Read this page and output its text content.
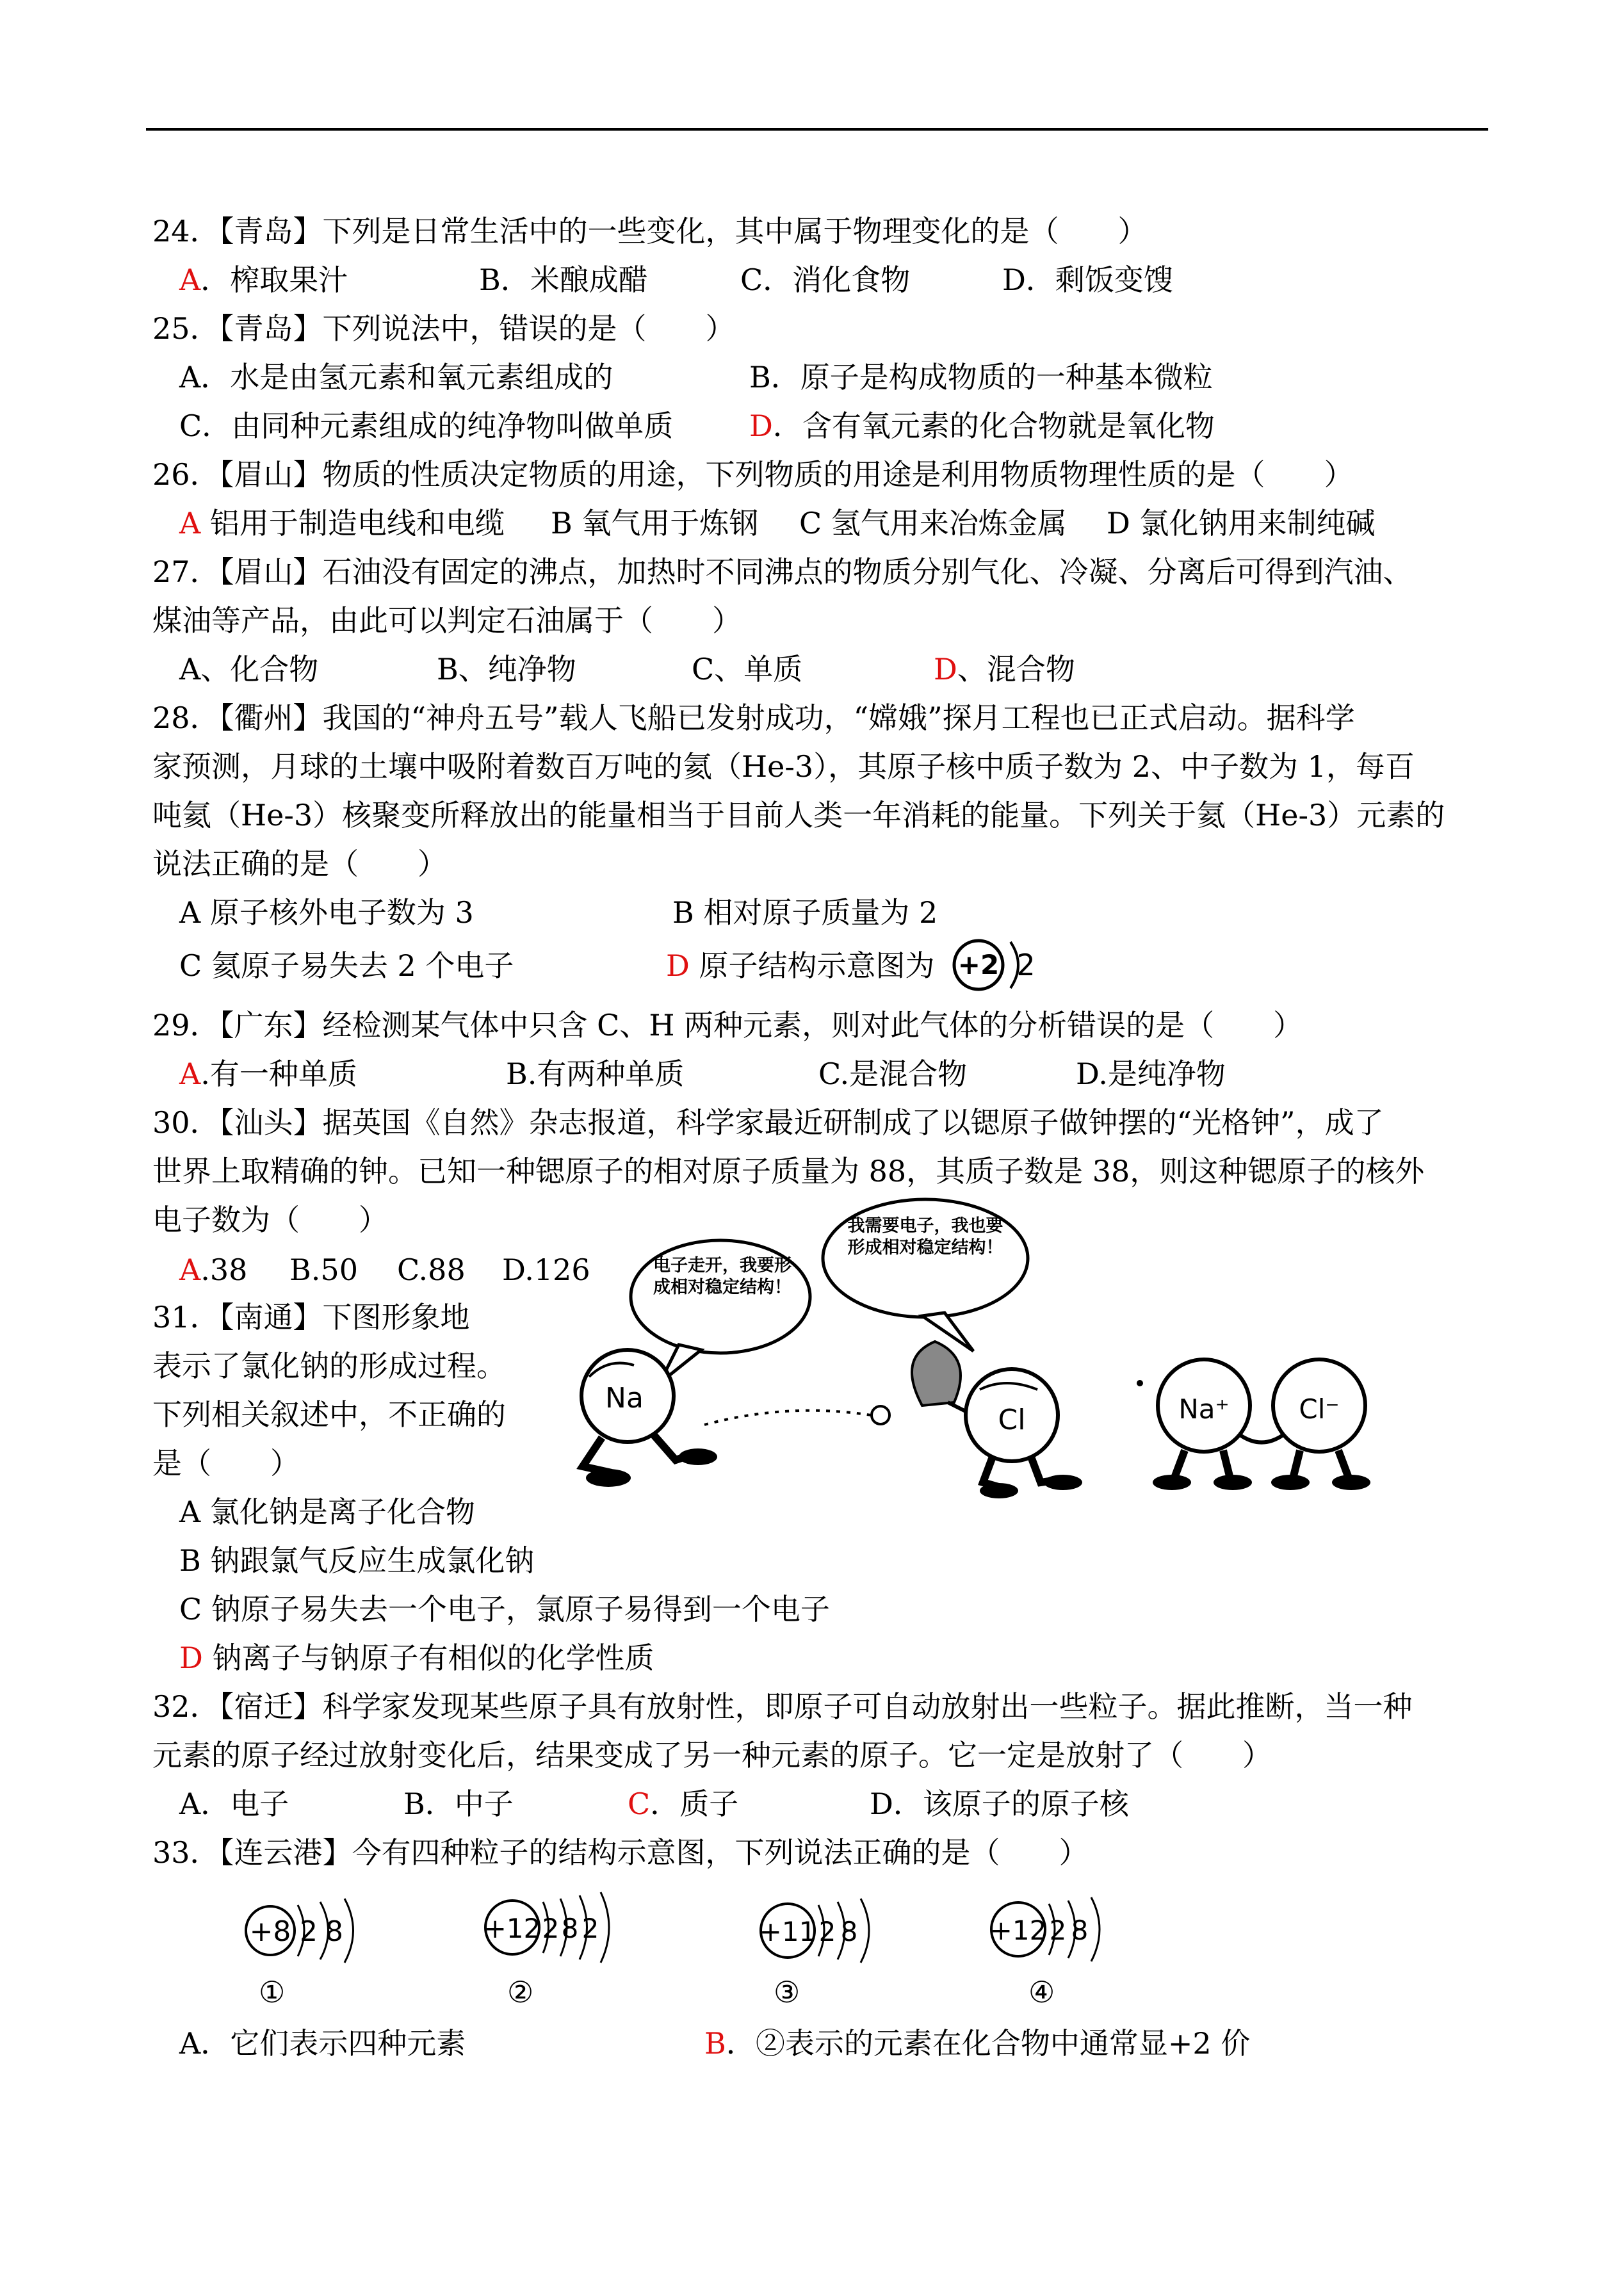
24．【青岛】下列是日常生活中的一些变化，其中属于物理变化的是（　　）
A．榨取果汁	B．米酿成醋	C．消化食物	D．剩饭变馊
25．【青岛】下列说法中，错误的是（　　）
A．水是由氢元素和氧元素组成的	B．原子是构成物质的一种基本微粒
C．由同种元素组成的纯净物叫做单质	D．含有氧元素的化合物就是氧化物
26．【眉山】物质的性质决定物质的用途，下列物质的用途是利用物质物理性质的是（　　）
A 铝用于制造电线和电缆 B 氧气用于炼钢 C 氢气用来冶炼金属 D 氯化钠用来制纯碱
27．【眉山】石油没有固定的沸点，加热时不同沸点的物质分别气化、冷凝、分离后可得到汽油、
煤油等产品，由此可以判定石油属于（　　）
A、化合物	B、纯净物	C、单质	D、混合物
28．【衢州】我国的“神舟五号”载人飞船已发射成功，“嫦娥”探月工程也已正式启动。据科学
家预测，月球的土壤中吸附着数百万吨的氦（He-3），其原子核中质子数为 2、中子数为 1，每百
吨氦（He-3）核聚变所释放出的能量相当于目前人类一年消耗的能量。下列关于氦（He-3）元素的
说法正确的是（　　）
A 原子核外电子数为 3	B 相对原子质量为 2
C 氦原子易失去 2 个电子	D 原子结构示意图为 +2 2
29．【广东】经检测某气体中只含 C、H 两种元素，则对此气体的分析错误的是（　　）
A.有一种单质	B.有两种单质	C.是混合物	D.是纯净物
30．【汕头】据英国《自然》杂志报道，科学家最近研制成了以锶原子做钟摆的“光格钟”，成了
世界上取精确的钟。已知一种锶原子的相对原子质量为 88，其质子数是 38，则这种锶原子的核外
电子数为（　　）
A.38 B.50 C.88 D.126
31．【南通】下图形象地
表示了氯化钠的形成过程。
下列相关叙述中，不正确的
是（　　）
电子走开，我要形成相对稳定结构！
我需要电子，我也要形成相对稳定结构！
Na
Cl	Na⁺	Cl⁻
A 氯化钠是离子化合物
B 钠跟氯气反应生成氯化钠
C 钠原子易失去一个电子，氯原子易得到一个电子
D 钠离子与钠原子有相似的化学性质
32．【宿迁】科学家发现某些原子具有放射性，即原子可自动放射出一些粒子。据此推断，当一种
元素的原子经过放射变化后，结果变成了另一种元素的原子。它一定是放射了（　　）
A．电子	B．中子	C．质子	D．该原子的原子核
33．【连云港】今有四种粒子的结构示意图，下列说法正确的是（　　）
+8 2 8	+12 2 8 2	+11 2 8	+12 2 8
①	②	③	④
A．它们表示四种元素	B．②表示的元素在化合物中通常显+2 价
